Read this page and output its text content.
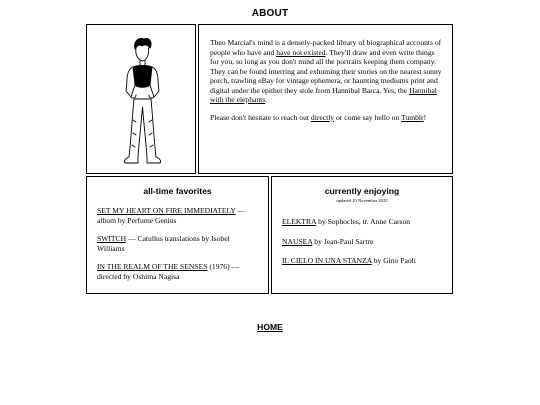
ABOUT

Theo Marcial's mind is a densely-packed library of biographical accounts of people who have and have not existed. They'll draw and even write things for you, so long as you don't mind all the portraits keeping them company. They can be found interring and exhuming their stories on the nearest sunny porch, trawling eBay for vintage ephemera, or haunting mediums print and digital under the epithet they stole from Hannibal Barca. Yes, the Hannibal with the elephants.

Please don't hesitate to reach out directly or come say hello on Tumblr!

all-time favorites

SET MY HEART ON FIRE IMMEDIATELY — album by Perfume Genius

SWITCH — Catullus translations by Isobel Williams

IN THE REALM OF THE SENSES (1976) — directed by Oshima Nagisa

currently enjoying
updated 10 November 2025

ELEKTRA by Sophocles, tr. Anne Carson

NAUSEA by Jean-Paul Sartre

IL CIELO IN UNA STANZA by Gino Paoli

HOME
